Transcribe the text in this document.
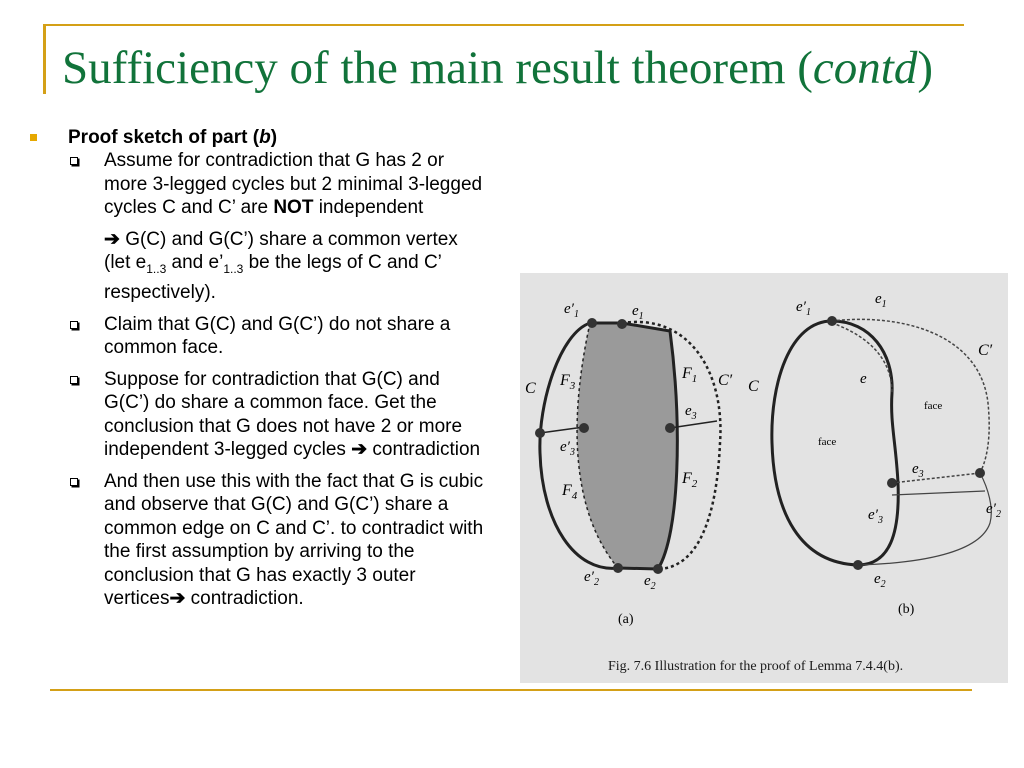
Sufficiency of the main result theorem (contd)
Proof sketch of part (b)
Assume for contradiction that G has 2 or more 3-legged cycles but 2 minimal 3-legged cycles C and C’ are NOT independent
➔ G(C) and G(C’) share a common vertex (let $e_{1..3}$ and $e’_{1..3}$ be the legs of C and C’ respectively).
Claim that G(C) and G(C’) do not share a common face.
Suppose for contradiction that G(C) and G(C’) do share a common face. Get the conclusion that G does not have 2 or more independent 3-legged cycles ➔ contradiction
And then use this with the fact that G is cubic and observe that G(C) and G(C’) share a common edge on C and C’. to contradict with the first assumption by arriving to the conclusion that G has exactly 3 outer vertices➔ contradiction.
$e'_1$	$e_1$
C $F_3$
$e'_3$
$F_4$
$F_1$ C′
$e_3$
$F_2$
$e'_2$	$e_2$
(a)
$e'_1$
$e_1$
C′
C	e
face
face
$e_3$
$e'_3$
$e'_2$
$e_2$
(b)
Fig. 7.6 Illustration for the proof of Lemma 7.4.4(b).
